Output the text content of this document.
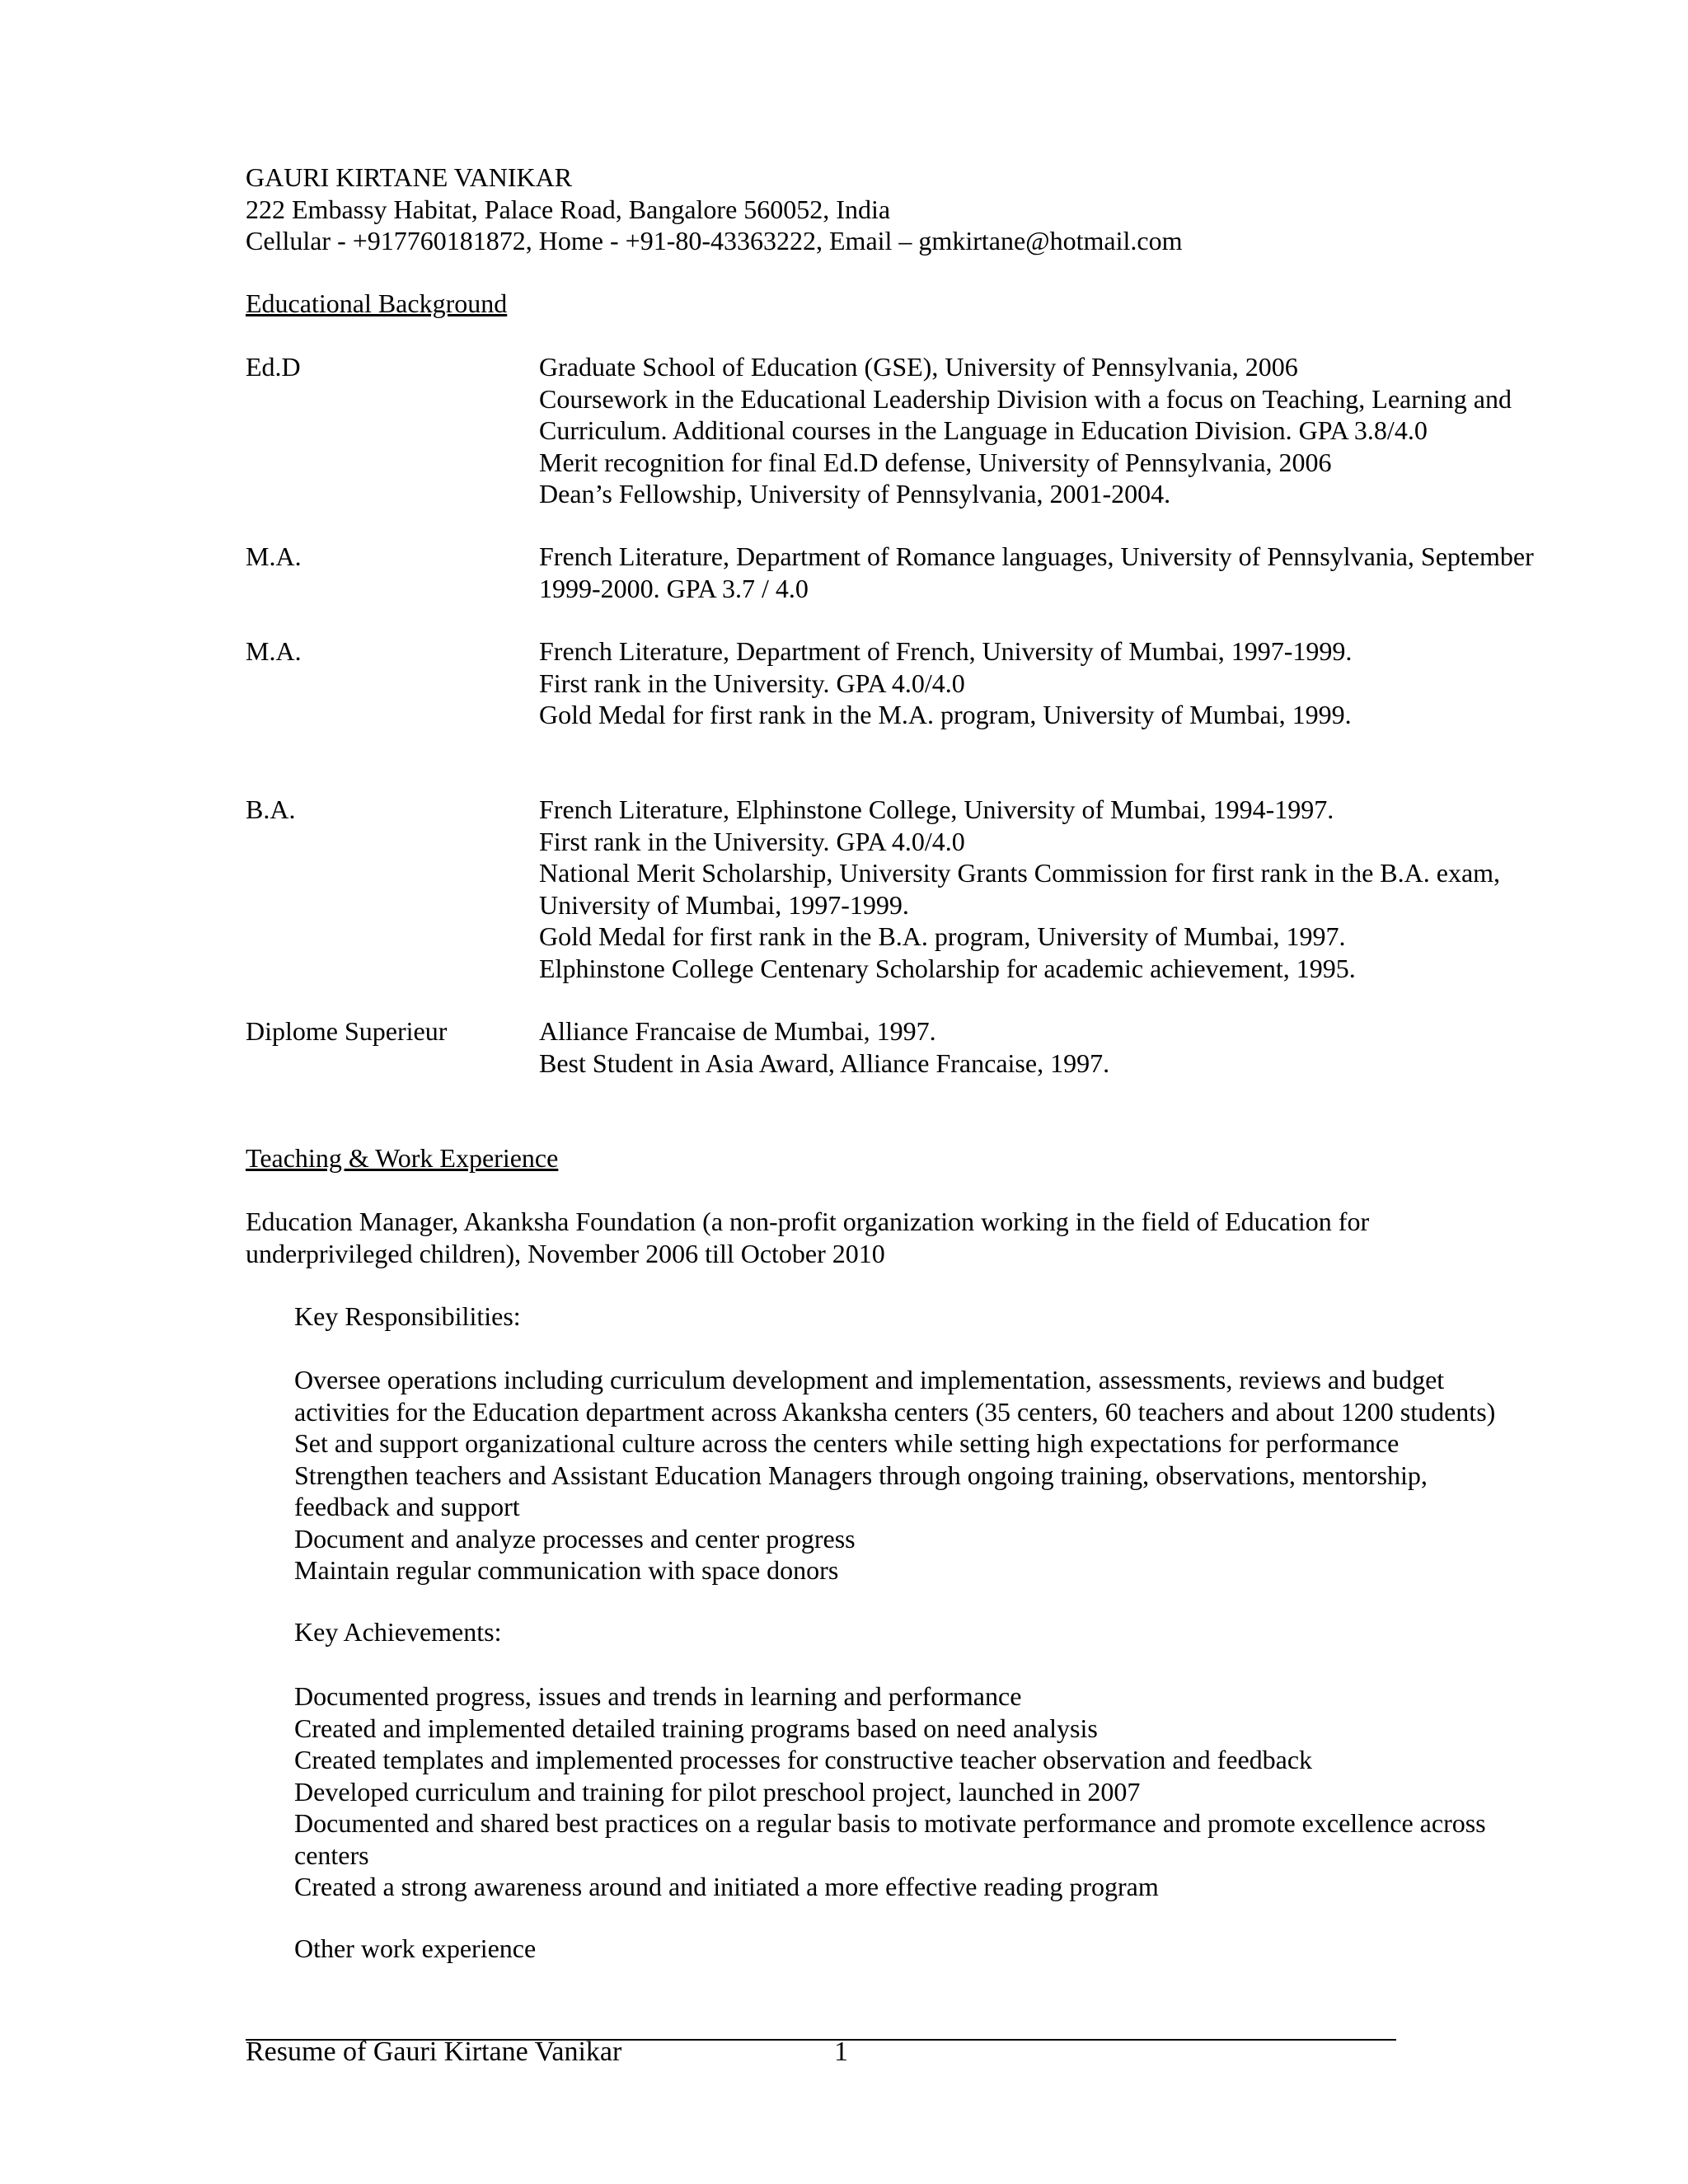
GAURI KIRTANE VANIKAR
222 Embassy Habitat, Palace Road, Bangalore 560052, India
Cellular - +917760181872, Home - +91-80-43363222, Email – gmkirtane@hotmail.com
Educational Background
Ed.D	Graduate School of Education (GSE), University of Pennsylvania, 2006
Coursework in the Educational Leadership Division with a focus on Teaching, Learning and
Curriculum. Additional courses in the Language in Education Division. GPA 3.8/4.0
Merit recognition for final Ed.D defense, University of Pennsylvania, 2006
Dean’s Fellowship, University of Pennsylvania, 2001-2004.
M.A.	French Literature, Department of Romance languages, University of Pennsylvania, September
1999-2000. GPA 3.7 / 4.0
M.A.	French Literature, Department of French, University of Mumbai, 1997-1999.
First rank in the University. GPA 4.0/4.0
Gold Medal for first rank in the M.A. program, University of Mumbai, 1999.
B.A.	French Literature, Elphinstone College, University of Mumbai, 1994-1997.
First rank in the University. GPA 4.0/4.0
National Merit Scholarship, University Grants Commission for first rank in the B.A. exam,
University of Mumbai, 1997-1999.
Gold Medal for first rank in the B.A. program, University of Mumbai, 1997.
Elphinstone College Centenary Scholarship for academic achievement, 1995.
Diplome Superieur	Alliance Francaise de Mumbai, 1997.
Best Student in Asia Award, Alliance Francaise, 1997.
Teaching & Work Experience
Education Manager, Akanksha Foundation (a non-profit organization working in the field of Education for
underprivileged children), November 2006 till October 2010
Key Responsibilities:
Oversee operations including curriculum development and implementation, assessments, reviews and budget
activities for the Education department across Akanksha centers (35 centers, 60 teachers and about 1200 students)
Set and support organizational culture across the centers while setting high expectations for performance
Strengthen teachers and Assistant Education Managers through ongoing training, observations, mentorship,
feedback and support
Document and analyze processes and center progress
Maintain regular communication with space donors
Key Achievements:
Documented progress, issues and trends in learning and performance
Created and implemented detailed training programs based on need analysis
Created templates and implemented processes for constructive teacher observation and feedback
Developed curriculum and training for pilot preschool project, launched in 2007
Documented and shared best practices on a regular basis to motivate performance and promote excellence across
centers
Created a strong awareness around and initiated a more effective reading program
Other work experience
Resume of Gauri Kirtane Vanikar	1
